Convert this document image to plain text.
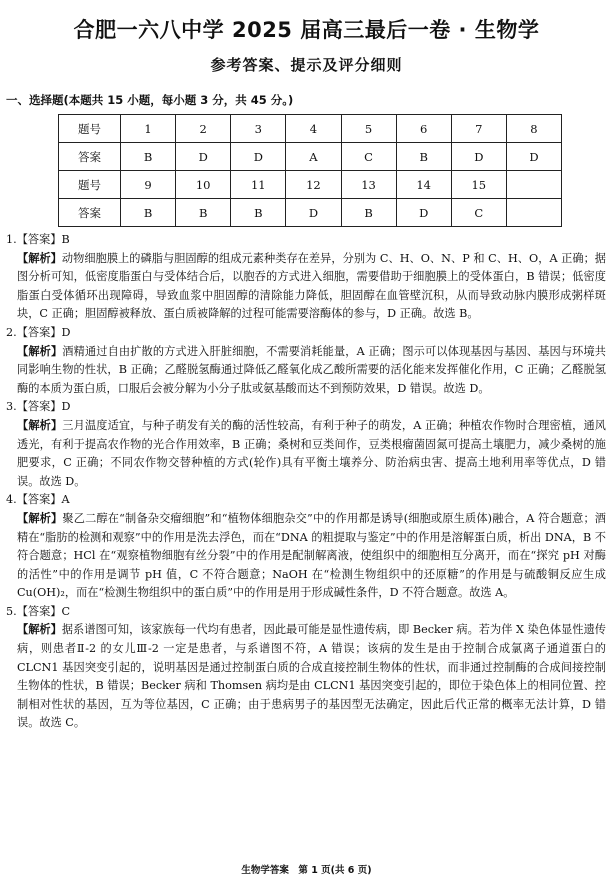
合肥一六八中学 2025 届高三最后一卷 · 生物学
参考答案、提示及评分细则
一、选择题(本题共 15 小题，每小题 3 分，共 45 分。)
题号	1	2	3	4	5	6	7	8
答案	B	D	D	A	C	B	D	D
题号	9	10	11	12	13	14	15	
答案	B	B	B	D	B	D	C	

1.【答案】B

【解析】动物细胞膜上的磷脂与胆固醇的组成元素种类存在差异，分别为 C、H、O、N、P 和 C、H、O，A 正确；据图分析可知，低密度脂蛋白与受体结合后，以胞吞的方式进入细胞，需要借助于细胞膜上的受体蛋白，B 错误；低密度脂蛋白受体循环出现障碍，导致血浆中胆固醇的清除能力降低，胆固醇在血管壁沉积，从而导致动脉内膜形成粥样斑块，C 正确；胆固醇被释放、蛋白质被降解的过程可能需要溶酶体的参与，D 正确。故选 B。

2.【答案】D

【解析】酒精通过自由扩散的方式进入肝脏细胞，不需要消耗能量，A 正确；图示可以体现基因与基因、基因与环境共同影响生物的性状，B 正确；乙醛脱氢酶通过降低乙醛氧化成乙酸所需要的活化能来发挥催化作用，C 正确；乙醛脱氢酶的本质为蛋白质，口服后会被分解为小分子肽或氨基酸而达不到预防效果，D 错误。故选 D。

3.【答案】D

【解析】三月温度适宜，与种子萌发有关的酶的活性较高，有利于种子的萌发，A 正确；种植农作物时合理密植，通风透光，有利于提高农作物的光合作用效率，B 正确；桑树和豆类间作，豆类根瘤菌固氮可提高土壤肥力，减少桑树的施肥要求，C 正确；不同农作物交替种植的方式(轮作)具有平衡土壤养分、防治病虫害、提高土地利用率等优点，D 错误。故选 D。

4.【答案】A

【解析】聚乙二醇在“制备杂交瘤细胞”和“植物体细胞杂交”中的作用都是诱导(细胞或原生质体)融合，A 符合题意；酒精在“脂肪的检测和观察”中的作用是洗去浮色，而在“DNA 的粗提取与鉴定”中的作用是溶解蛋白质，析出 DNA，B 不符合题意；HCl 在“观察植物细胞有丝分裂”中的作用是配制解离液，使组织中的细胞相互分离开，而在“探究 pH 对酶的活性”中的作用是调节 pH 值，C 不符合题意；NaOH 在“检测生物组织中的还原糖”的作用是与硫酸铜反应生成 Cu(OH)₂，而在“检测生物组织中的蛋白质”中的作用是用于形成碱性条件，D 不符合题意。故选 A。

5.【答案】C

【解析】据系谱图可知，该家族每一代均有患者，因此最可能是显性遗传病，即 Becker 病。若为伴 X 染色体显性遗传病，则患者Ⅱ-2 的女儿Ⅲ-2 一定是患者，与系谱图不符，A 错误；该病的发生是由于控制合成氯离子通道蛋白的 CLCN1 基因突变引起的，说明基因是通过控制蛋白质的合成直接控制生物体的性状，而非通过控制酶的合成间接控制生物体的性状，B 错误；Becker 病和 Thomsen 病均是由 CLCN1 基因突变引起的，即位于染色体上的相同位置、控制相对性状的基因，互为等位基因，C 正确；由于患病男子的基因型无法确定，因此后代正常的概率无法计算，D 错误。故选 C。

生物学答案　第 1 页(共 6 页)
